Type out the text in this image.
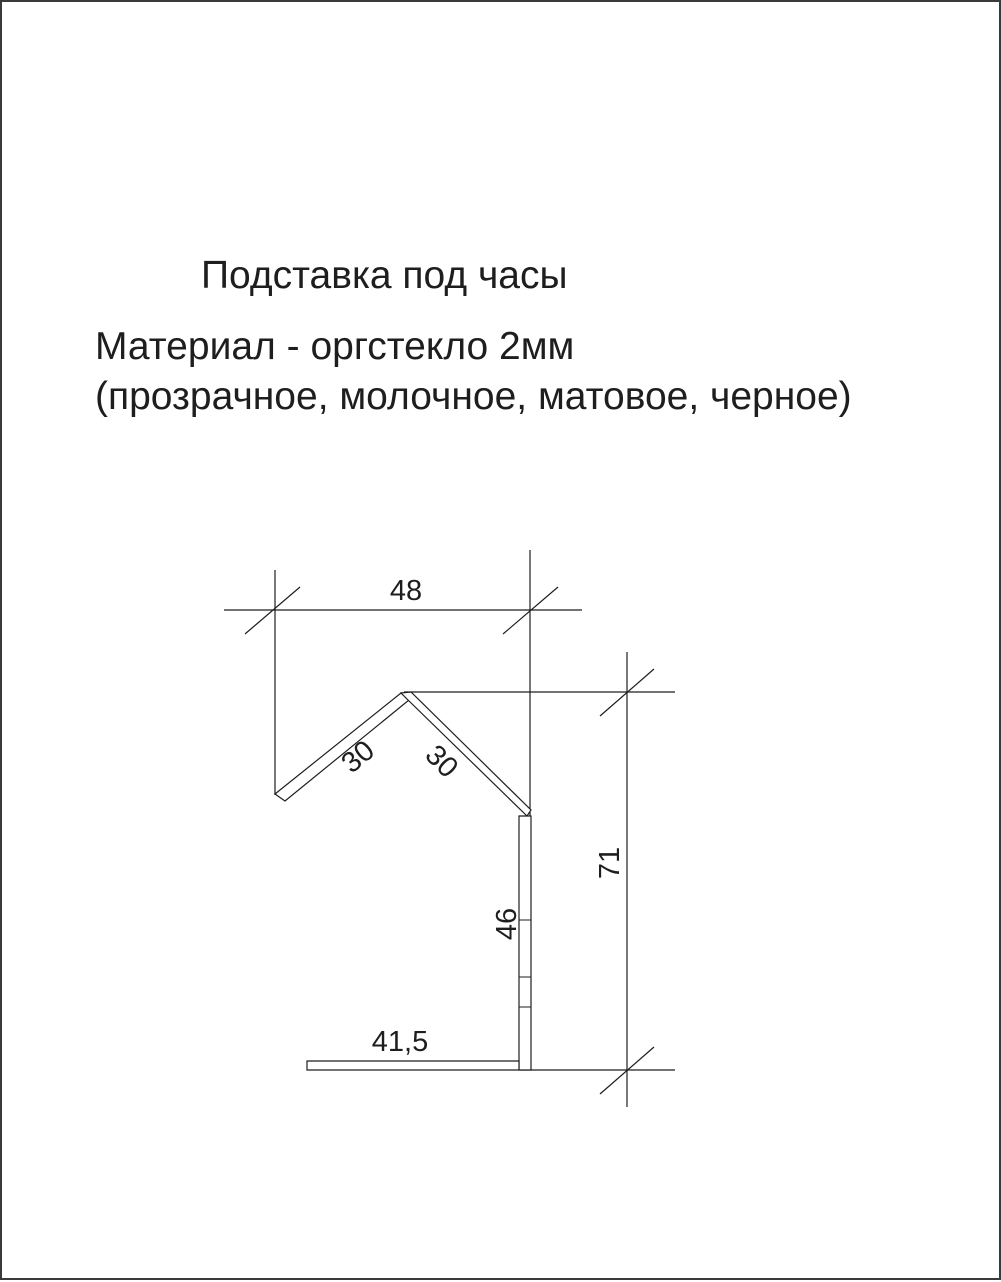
Подставка под часы

Материал - оргстекло 2мм

(прозрачное, молочное, матовое, черное)

48
30 30
71
46
41,5
